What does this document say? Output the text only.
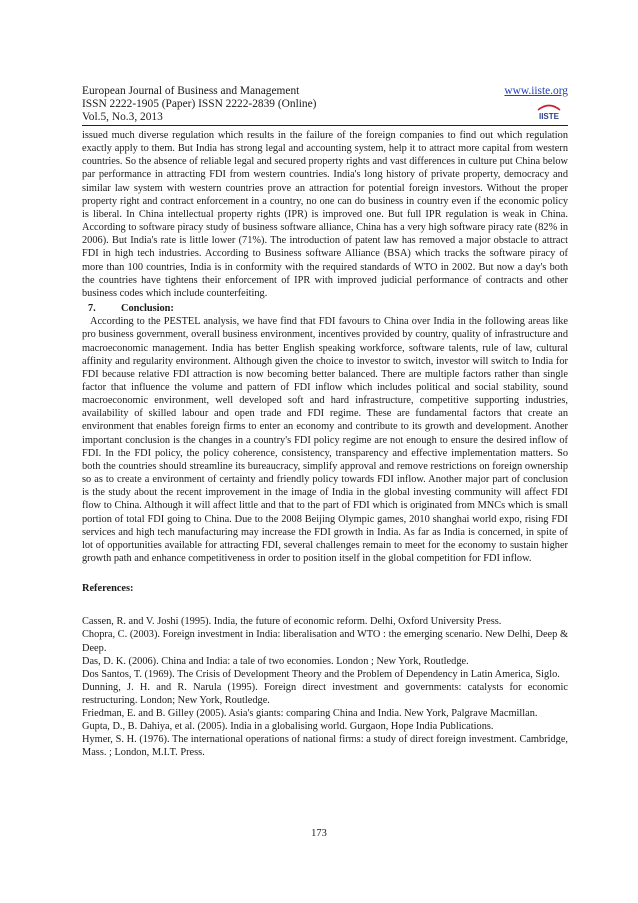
European Journal of Business and Management
ISSN 2222-1905 (Paper) ISSN 2222-2839 (Online)
Vol.5, No.3, 2013
www.iiste.org
IISTE

issued much diverse regulation which results in the failure of the foreign companies to find out which regulation exactly apply to them. But India has strong legal and accounting system, help it to attract more capital from western countries. So the absence of reliable legal and secured property rights and vast differences in culture put China below par performance in attracting FDI from western countries. India's long history of private property, democracy and similar law system with western countries prove an attraction for potential foreign investors. Without the proper property right and contract enforcement in a country, no one can do business in country even if the economic policy is liberal. In China intellectual property rights (IPR) is improved one. But full IPR regulation is weak in China. According to software piracy study of business software alliance, China has a very high software piracy rate (82% in 2006). But India's rate is little lower (71%). The introduction of patent law has removed a major obstacle to attract FDI in high tech industries. According to Business software Alliance (BSA) which tracks the software piracy of more than 100 countries, India is in conformity with the required standards of WTO in 2002. But now a day's both the countries have tightens their enforcement of IPR with improved judicial performance of contracts and other business codes which include counterfeiting.

7. Conclusion:

According to the PESTEL analysis, we have find that FDI favours to China over India in the following areas like pro business government, overall business environment, incentives provided by country, quality of infrastructure and macroeconomic management. India has better English speaking workforce, software talents, rule of law, cultural affinity and regularity environment. Although given the choice to investor to switch, investor will switch to India for FDI because relative FDI attraction is now becoming better balanced. There are multiple factors rather than single factor that influence the volume and pattern of FDI inflow which includes political and social stability, sound macroeconomic environment, well developed soft and hard infrastructure, competitive supporting industries, availability of skilled labour and open trade and FDI regime. These are fundamental factors that create an environment that enables foreign firms to enter an economy and contribute to its growth and development. Another important conclusion is the changes in a country's FDI policy regime are not enough to ensure the desired inflow of FDI. In the FDI policy, the policy coherence, consistency, transparency and effective implementation matters. So both the countries should streamline its bureaucracy, simplify approval and remove restrictions on foreign ownership so as to create a environment of certainty and friendly policy towards FDI inflow. Another major part of conclusion is the study about the recent improvement in the image of India in the global investing community will affect FDI flow to China. Although it will affect little and that to the part of FDI which is originated from MNCs which is small portion of total FDI going to China. Due to the 2008 Beijing Olympic games, 2010 shanghai world expo, rising FDI services and high tech manufacturing may increase the FDI growth in India. As far as India is concerned, in spite of lot of opportunities available for attracting FDI, several challenges remain to meet for the economy to sustain higher growth path and enhance competitiveness in order to position itself in the global competition for FDI inflow.

References:

Cassen, R. and V. Joshi (1995). India, the future of economic reform. Delhi, Oxford University Press.

Chopra, C. (2003). Foreign investment in India: liberalisation and WTO : the emerging scenario. New Delhi, Deep & Deep.

Das, D. K. (2006). China and India: a tale of two economies. London ; New York, Routledge.

Dos Santos, T. (1969). The Crisis of Development Theory and the Problem of Dependency in Latin America, Siglo.

Dunning, J. H. and R. Narula (1995). Foreign direct investment and governments: catalysts for economic restructuring. London; New York, Routledge.

Friedman, E. and B. Gilley (2005). Asia's giants: comparing China and India. New York, Palgrave Macmillan.

Gupta, D., B. Dahiya, et al. (2005). India in a globalising world. Gurgaon, Hope India Publications.

Hymer, S. H. (1976). The international operations of national firms: a study of direct foreign investment. Cambridge, Mass. ; London, M.I.T. Press.

173
